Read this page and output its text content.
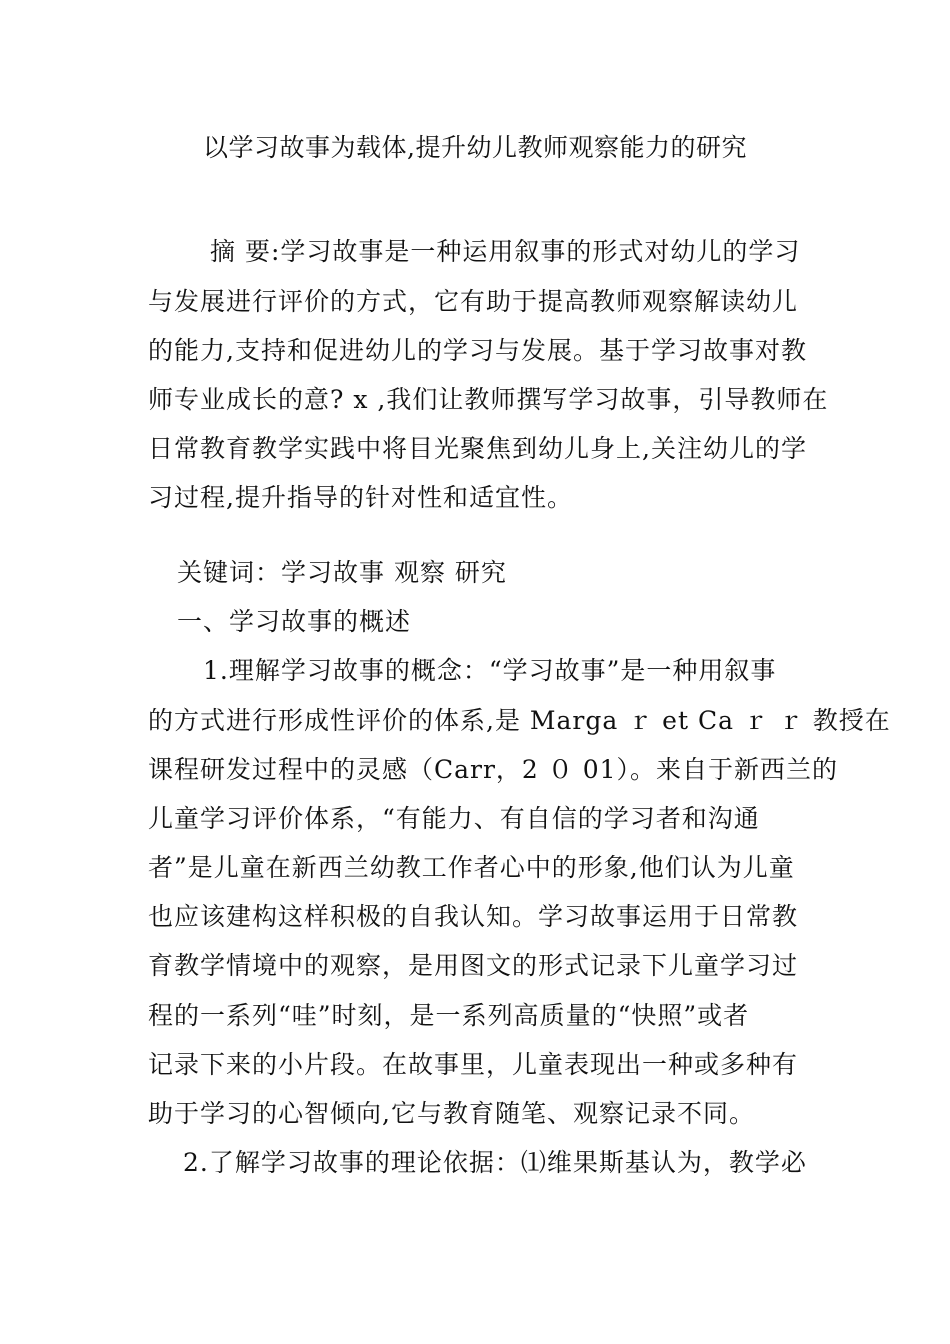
以学习故事为载体,提升幼儿教师观察能力的研究
摘 要:学习故事是一种运用叙事的形式对幼儿的学习
与发展进行评价的方式，它有助于提高教师观察解读幼儿
的能力,支持和促进幼儿的学习与发展。基于学习故事对教
师专业成长的意? x ,我们让教师撰写学习故事，引导教师在
日常教育教学实践中将目光聚焦到幼儿身上,关注幼儿的学
习过程,提升指导的针对性和适宜性。
关键词：学习故事 观察 研究
一、学习故事的概述
1.理解学习故事的概念：“学习故事”是一种用叙事
的方式进行形成性评价的体系,是 Marga ｒ et Ca ｒ ｒ 教授在
课程研发过程中的灵感（Carr，2 ０ 01）。来自于新西兰的
儿童学习评价体系，“有能力、有自信的学习者和沟通
者”是儿童在新西兰幼教工作者心中的形象,他们认为儿童
也应该建构这样积极的自我认知。学习故事运用于日常教
育教学情境中的观察，是用图文的形式记录下儿童学习过
程的一系列“哇”时刻，是一系列高质量的“快照”或者
记录下来的小片段。在故事里，儿童表现出一种或多种有
助于学习的心智倾向,它与教育随笔、观察记录不同。
2.了解学习故事的理论依据：⑴维果斯基认为，教学必
